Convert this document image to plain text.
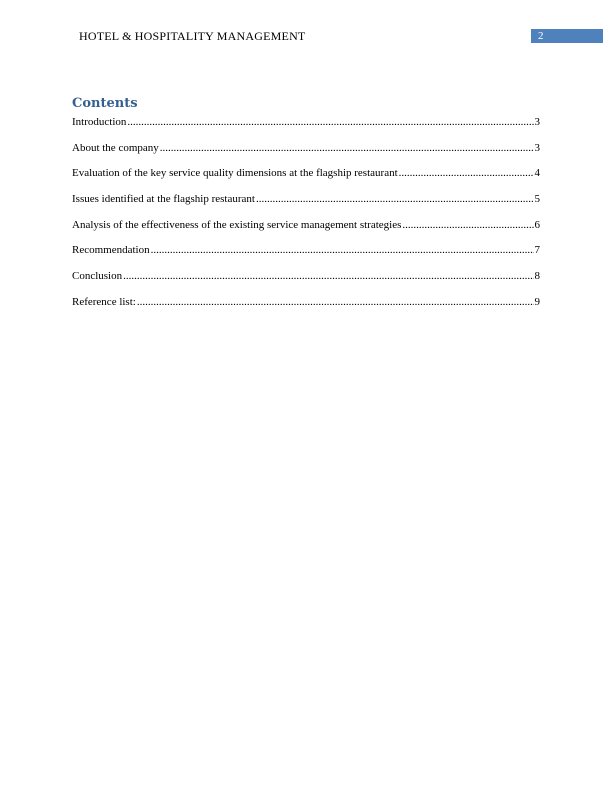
HOTEL & HOSPITALITY MANAGEMENT	2
Contents
Introduction .....	3
About the company .....	3
Evaluation of the key service quality dimensions at the flagship restaurant .....	4
Issues identified at the flagship restaurant .....	5
Analysis of the effectiveness of the existing service management strategies .....	6
Recommendation .....	7
Conclusion .....	8
Reference list: .....	9
